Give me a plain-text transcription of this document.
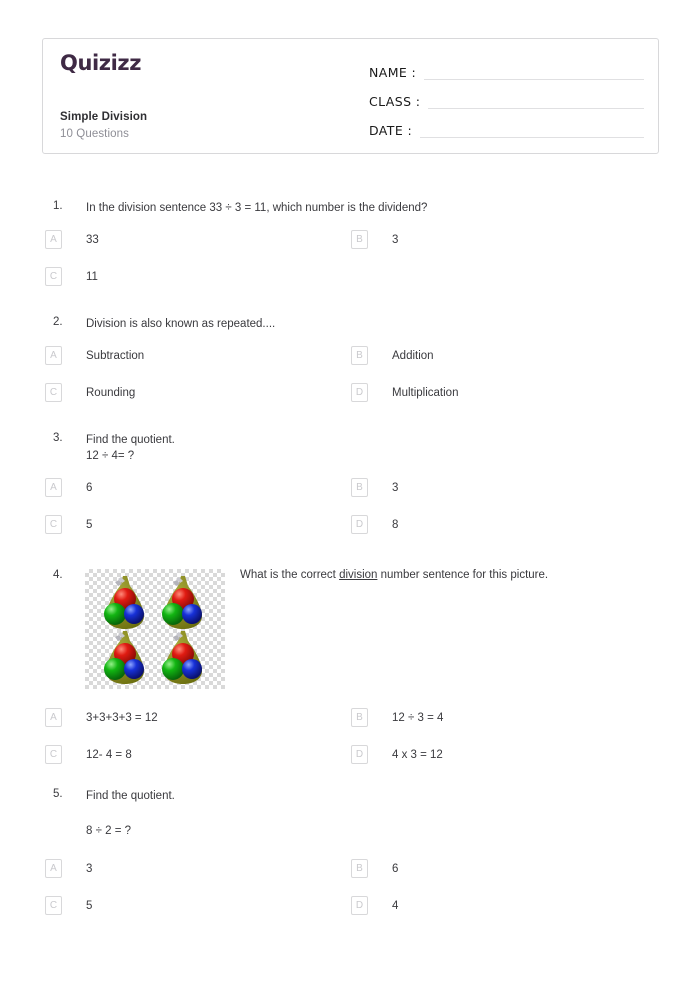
Quizizz
Simple Division
10 Questions
NAME :
CLASS :
DATE :
1.	In the division sentence 33 ÷ 3 = 11, which number is the dividend?
A	33	B	3
C	11
2.	Division is also known as repeated....
A	Subtraction	B	Addition
C	Rounding	D	Multiplication
3.	Find the quotient.
12 ÷ 4= ?
A	6	B	3
C	5	D	8
4.	What is the correct division number sentence for this picture.
A	3+3+3+3 = 12	B	12 ÷ 3 = 4
C	12- 4 = 8	D	4 x 3 = 12
5.	Find the quotient.
8 ÷ 2 = ?
A	3	B	6
C	5	D	4
